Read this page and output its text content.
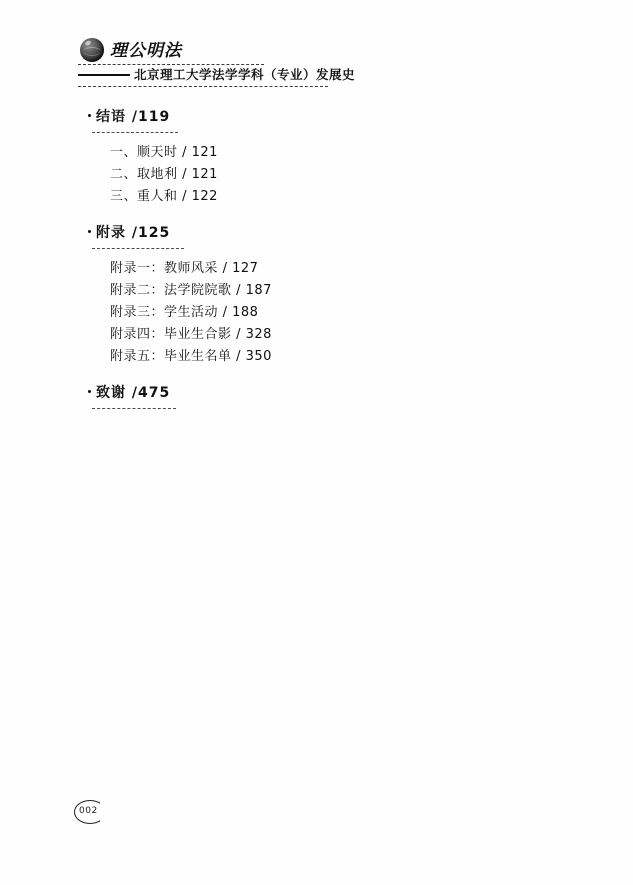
理公明法
北京理工大学法学学科（专业）发展史
结语 /119
一、顺天时 / 121
二、取地利 / 121
三、重人和 / 122
附录 /125
附录一：教师风采 / 127
附录二：法学院院歌 / 187
附录三：学生活动 / 188
附录四：毕业生合影 / 328
附录五：毕业生名单 / 350
致谢 /475
002
